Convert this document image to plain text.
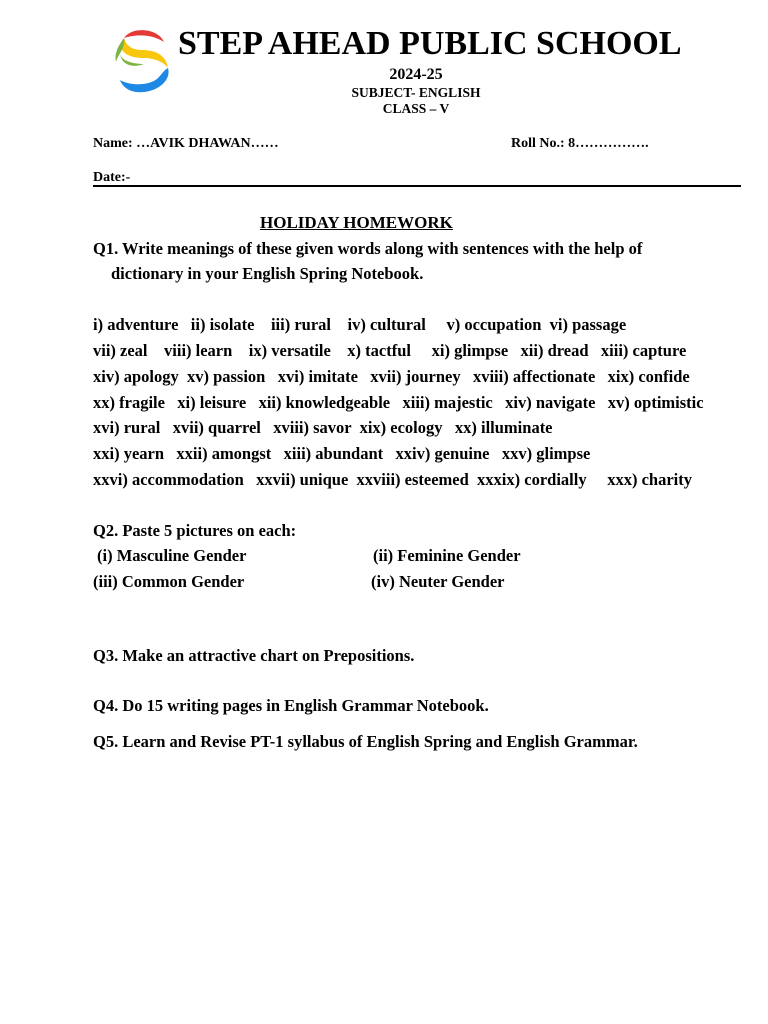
STEP AHEAD PUBLIC SCHOOL
2024-25
SUBJECT- ENGLISH
CLASS – V
Name: …AVIK DHAWAN……	Roll No.: 8…………….
Date:-
HOLIDAY HOMEWORK
Q1. Write meanings of these given words along with sentences with the help of
dictionary in your English Spring Notebook.
i) adventure   ii) isolate    iii) rural    iv) cultural     v) occupation  vi) passage
vii) zeal    viii) learn    ix) versatile    x) tactful     xi) glimpse   xii) dread   xiii) capture
xiv) apology  xv) passion   xvi) imitate   xvii) journey   xviii) affectionate   xix) confide
xx) fragile   xi) leisure   xii) knowledgeable   xiii) majestic   xiv) navigate   xv) optimistic
xvi) rural   xvii) quarrel   xviii) savor  xix) ecology   xx) illuminate
xxi) yearn   xxii) amongst   xiii) abundant   xxiv) genuine   xxv) glimpse
xxvi) accommodation   xxvii) unique  xxviii) esteemed  xxxix) cordially     xxx) charity
Q2. Paste 5 pictures on each:
(i) Masculine Gender	(ii) Feminine Gender
(iii) Common Gender	(iv) Neuter Gender
Q3. Make an attractive chart on Prepositions.
Q4. Do 15 writing pages in English Grammar Notebook.
Q5. Learn and Revise PT-1 syllabus of English Spring and English Grammar.
